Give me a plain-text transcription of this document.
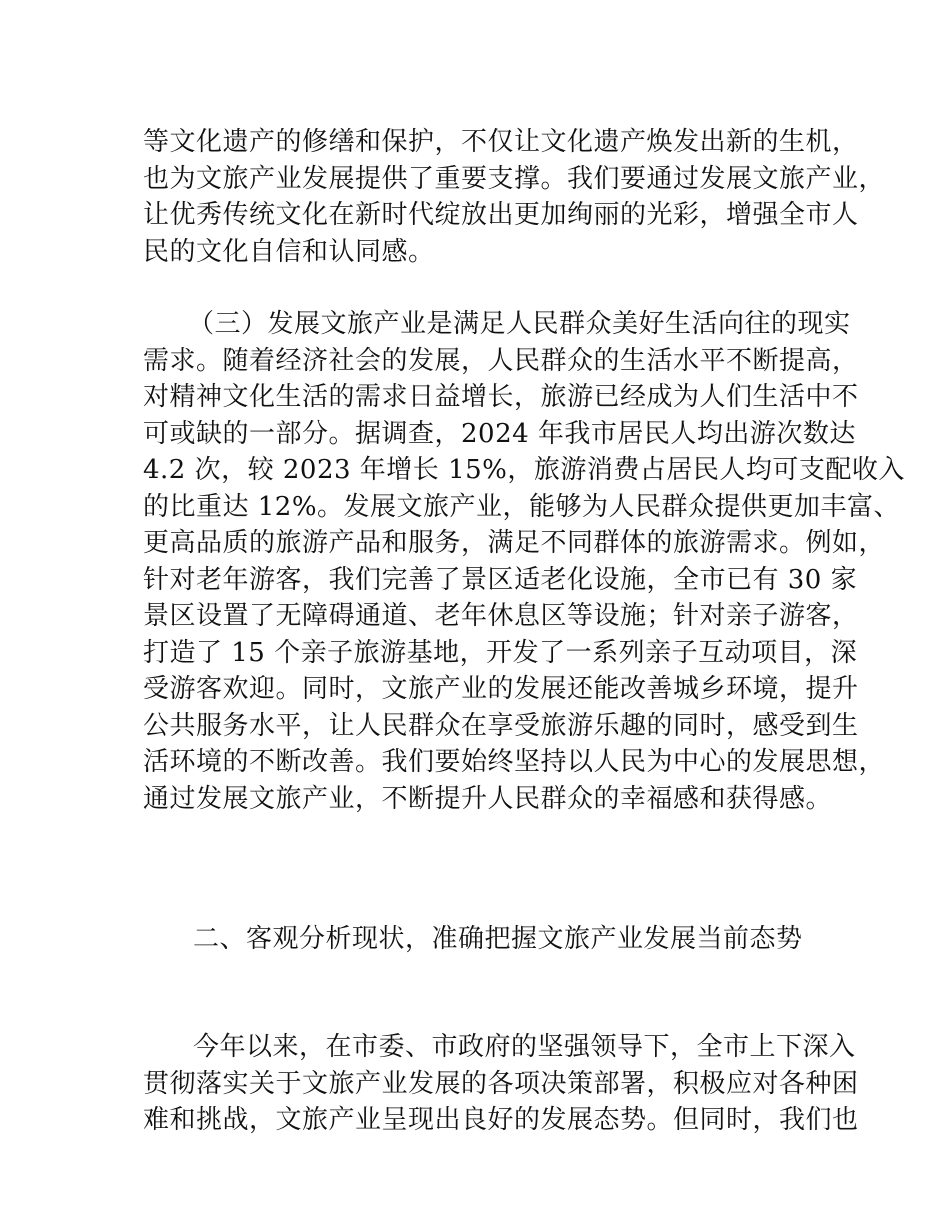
等文化遗产的修缮和保护，不仅让文化遗产焕发出新的生机，
也为文旅产业发展提供了重要支撑。我们要通过发展文旅产业，
让优秀传统文化在新时代绽放出更加绚丽的光彩，增强全市人
民的文化自信和认同感。
（三）发展文旅产业是满足人民群众美好生活向往的现实
需求。随着经济社会的发展，人民群众的生活水平不断提高，
对精神文化生活的需求日益增长，旅游已经成为人们生活中不
可或缺的一部分。据调查，2024 年我市居民人均出游次数达
4.2 次，较 2023 年增长 15%，旅游消费占居民人均可支配收入
的比重达 12%。发展文旅产业，能够为人民群众提供更加丰富、
更高品质的旅游产品和服务，满足不同群体的旅游需求。例如，
针对老年游客，我们完善了景区适老化设施，全市已有 30 家
景区设置了无障碍通道、老年休息区等设施；针对亲子游客，
打造了 15 个亲子旅游基地，开发了一系列亲子互动项目，深
受游客欢迎。同时，文旅产业的发展还能改善城乡环境，提升
公共服务水平，让人民群众在享受旅游乐趣的同时，感受到生
活环境的不断改善。我们要始终坚持以人民为中心的发展思想，
通过发展文旅产业，不断提升人民群众的幸福感和获得感。
二、客观分析现状，准确把握文旅产业发展当前态势
今年以来，在市委、市政府的坚强领导下，全市上下深入
贯彻落实关于文旅产业发展的各项决策部署，积极应对各种困
难和挑战，文旅产业呈现出良好的发展态势。但同时，我们也
